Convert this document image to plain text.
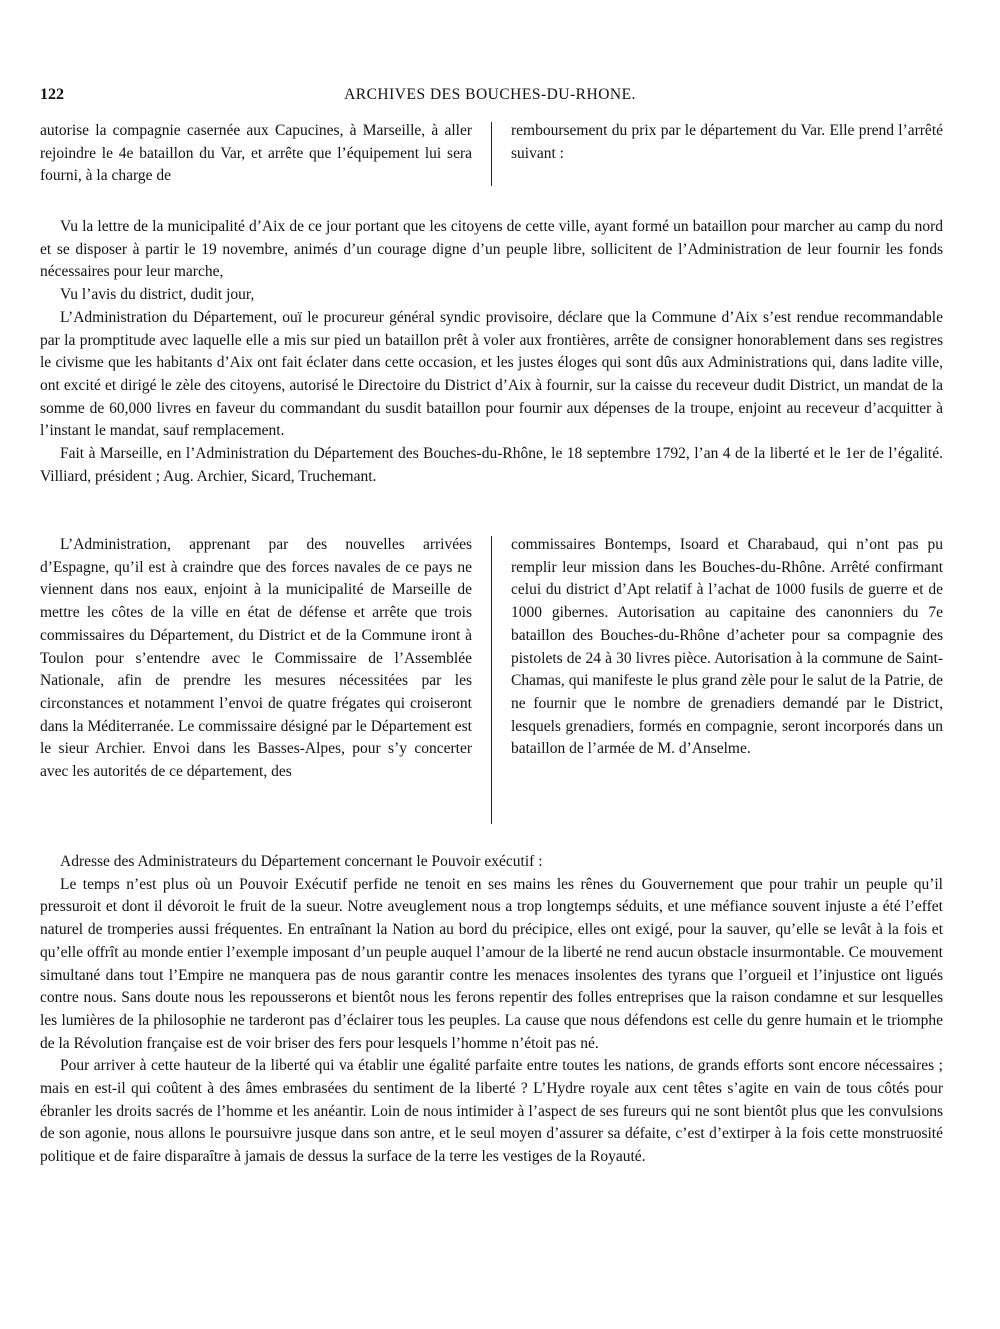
122	ARCHIVES DES BOUCHES-DU-RHONE.

autorise la compagnie casernée aux Capucines, à Marseille, à aller rejoindre le 4e bataillon du Var, et arrête que l’équipement lui sera fourni, à la charge de

remboursement du prix par le département du Var. Elle prend l’arrêté suivant :

Vu la lettre de la municipalité d’Aix de ce jour portant que les citoyens de cette ville, ayant formé un bataillon pour marcher au camp du nord et se disposer à partir le 19 novembre, animés d’un courage digne d’un peuple libre, sollicitent de l’Administration de leur fournir les fonds nécessaires pour leur marche,

Vu l’avis du district, dudit jour,

L’Administration du Département, ouï le procureur général syndic provisoire, déclare que la Commune d’Aix s’est rendue recommandable par la promptitude avec laquelle elle a mis sur pied un bataillon prêt à voler aux frontières, arrête de consigner honorablement dans ses registres le civisme que les habitants d’Aix ont fait éclater dans cette occasion, et les justes éloges qui sont dûs aux Administrations qui, dans ladite ville, ont excité et dirigé le zèle des citoyens, autorisé le Directoire du District d’Aix à fournir, sur la caisse du receveur dudit District, un mandat de la somme de 60,000 livres en faveur du commandant du susdit bataillon pour fournir aux dépenses de la troupe, enjoint au receveur d’acquitter à l’instant le mandat, sauf remplacement.

Fait à Marseille, en l’Administration du Département des Bouches-du-Rhône, le 18 septembre 1792, l’an 4 de la liberté et le 1er de l’égalité. Villiard, président ; Aug. Archier, Sicard, Truchemant.

L’Administration, apprenant par des nouvelles arrivées d’Espagne, qu’il est à craindre que des forces navales de ce pays ne viennent dans nos eaux, enjoint à la municipalité de Marseille de mettre les côtes de la ville en état de défense et arrête que trois commissaires du Département, du District et de la Commune iront à Toulon pour s’entendre avec le Commissaire de l’Assemblée Nationale, afin de prendre les mesures nécessitées par les circonstances et notamment l’envoi de quatre frégates qui croiseront dans la Méditerranée. Le commissaire désigné par le Département est le sieur Archier. Envoi dans les Basses-Alpes, pour s’y concerter avec les autorités de ce département, des

commissaires Bontemps, Isoard et Charabaud, qui n’ont pas pu remplir leur mission dans les Bouches-du-Rhône. Arrêté confirmant celui du district d’Apt relatif à l’achat de 1000 fusils de guerre et de 1000 gibernes. Autorisation au capitaine des canonniers du 7e bataillon des Bouches-du-Rhône d’acheter pour sa compagnie des pistolets de 24 à 30 livres pièce. Autorisation à la commune de Saint-Chamas, qui manifeste le plus grand zèle pour le salut de la Patrie, de ne fournir que le nombre de grenadiers demandé par le District, lesquels grenadiers, formés en compagnie, seront incorporés dans un bataillon de l’armée de M. d’Anselme.

Adresse des Administrateurs du Département concernant le Pouvoir exécutif :

Le temps n’est plus où un Pouvoir Exécutif perfide ne tenoit en ses mains les rênes du Gouvernement que pour trahir un peuple qu’il pressuroit et dont il dévoroit le fruit de la sueur. Notre aveuglement nous a trop longtemps séduits, et une méfiance souvent injuste a été l’effet naturel de tromperies aussi fréquentes. En entraînant la Nation au bord du précipice, elles ont exigé, pour la sauver, qu’elle se levât à la fois et qu’elle offrît au monde entier l’exemple imposant d’un peuple auquel l’amour de la liberté ne rend aucun obstacle insurmontable. Ce mouvement simultané dans tout l’Empire ne manquera pas de nous garantir contre les menaces insolentes des tyrans que l’orgueil et l’injustice ont ligués contre nous. Sans doute nous les repousserons et bientôt nous les ferons repentir des folles entreprises que la raison condamne et sur lesquelles les lumières de la philosophie ne tarderont pas d’éclairer tous les peuples. La cause que nous défendons est celle du genre humain et le triomphe de la Révolution française est de voir briser des fers pour lesquels l’homme n’étoit pas né.

Pour arriver à cette hauteur de la liberté qui va établir une égalité parfaite entre toutes les nations, de grands efforts sont encore nécessaires ; mais en est-il qui coûtent à des âmes embrasées du sentiment de la liberté ? L’Hydre royale aux cent têtes s’agite en vain de tous côtés pour ébranler les droits sacrés de l’homme et les anéantir. Loin de nous intimider à l’aspect de ses fureurs qui ne sont bientôt plus que les convulsions de son agonie, nous allons le poursuivre jusque dans son antre, et le seul moyen d’assurer sa défaite, c’est d’extirper à la fois cette monstruosité politique et de faire disparaître à jamais de dessus la surface de la terre les vestiges de la Royauté.
